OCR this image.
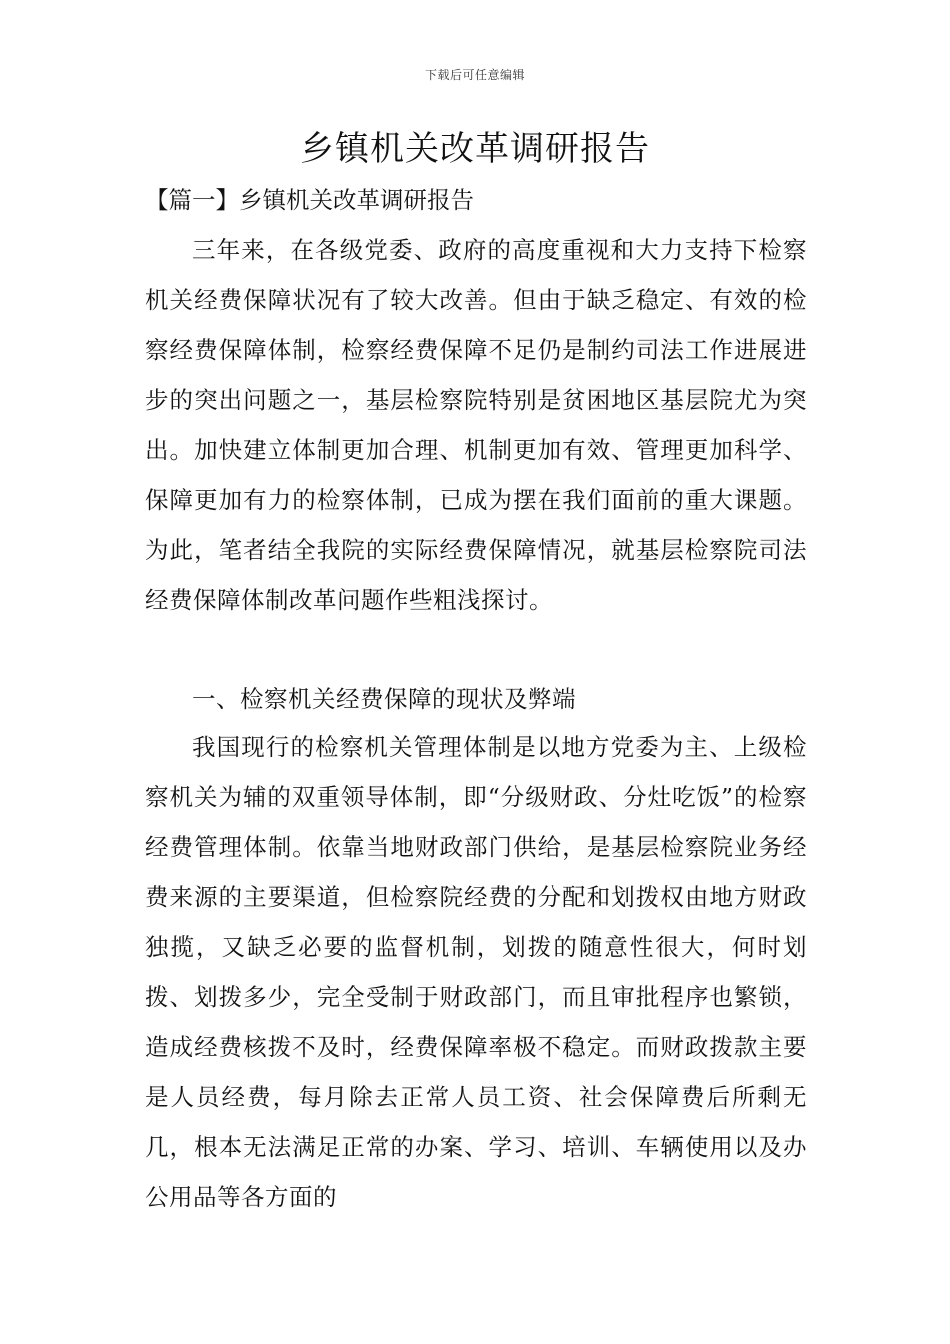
下载后可任意编辑
乡镇机关改革调研报告

【篇一】乡镇机关改革调研报告

三年来，在各级党委、政府的高度重视和大力支持下检察机关经费保障状况有了较大改善。但由于缺乏稳定、有效的检察经费保障体制，检察经费保障不足仍是制约司法工作进展进步的突出问题之一，基层检察院特别是贫困地区基层院尤为突出。加快建立体制更加合理、机制更加有效、管理更加科学、保障更加有力的检察体制，已成为摆在我们面前的重大课题。为此，笔者结全我院的实际经费保障情况，就基层检察院司法经费保障体制改革问题作些粗浅探讨。

一、检察机关经费保障的现状及弊端

我国现行的检察机关管理体制是以地方党委为主、上级检察机关为辅的双重领导体制，即“分级财政、分灶吃饭”的检察经费管理体制。依靠当地财政部门供给，是基层检察院业务经费来源的主要渠道，但检察院经费的分配和划拨权由地方财政独揽，又缺乏必要的监督机制，划拨的随意性很大，何时划拨、划拨多少，完全受制于财政部门，而且审批程序也繁锁，造成经费核拨不及时，经费保障率极不稳定。而财政拨款主要是人员经费，每月除去正常人员工资、社会保障费后所剩无几，根本无法满足正常的办案、学习、培训、车辆使用以及办公用品等各方面的
